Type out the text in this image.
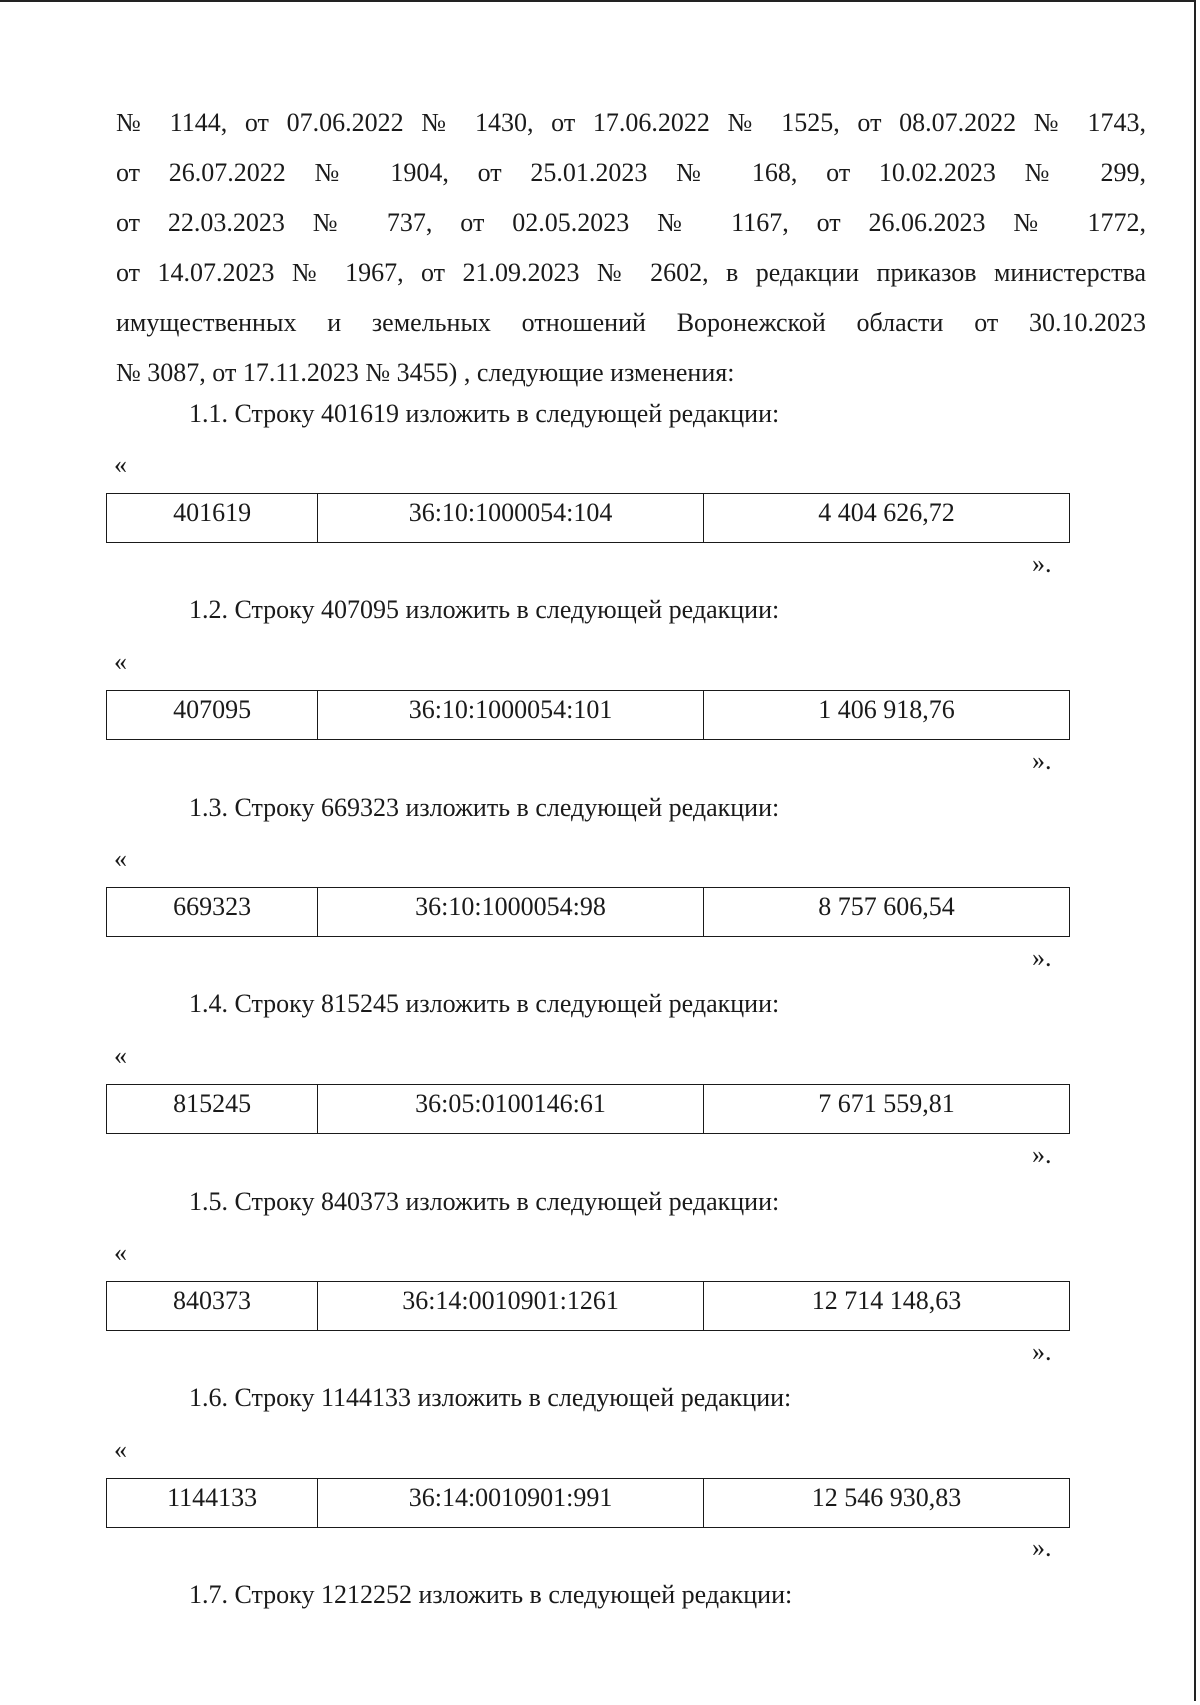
№ 1144, от 07.06.2022 № 1430, от 17.06.2022 № 1525, от 08.07.2022 № 1743,
от 26.07.2022 № 1904, от 25.01.2023 № 168, от 10.02.2023 № 299,
от 22.03.2023 № 737, от 02.05.2023 № 1167, от 26.06.2023 № 1772,
от 14.07.2023 № 1967, от 21.09.2023 № 2602, в редакции приказов министерства
имущественных и земельных отношений Воронежской области от 30.10.2023
№ 3087, от 17.11.2023 № 3455) , следующие изменения:
1.1. Строку 401619 изложить в следующей редакции:
«
401619	36:10:1000054:104	4 404 626,72
».
1.2. Строку 407095 изложить в следующей редакции:
«
407095	36:10:1000054:101	1 406 918,76
».
1.3. Строку 669323 изложить в следующей редакции:
«
669323	36:10:1000054:98	8 757 606,54
».
1.4. Строку 815245 изложить в следующей редакции:
«
815245	36:05:0100146:61	7 671 559,81
».
1.5. Строку 840373 изложить в следующей редакции:
«
840373	36:14:0010901:1261	12 714 148,63
».
1.6. Строку 1144133 изложить в следующей редакции:
«
1144133	36:14:0010901:991	12 546 930,83
».
1.7. Строку 1212252 изложить в следующей редакции:
